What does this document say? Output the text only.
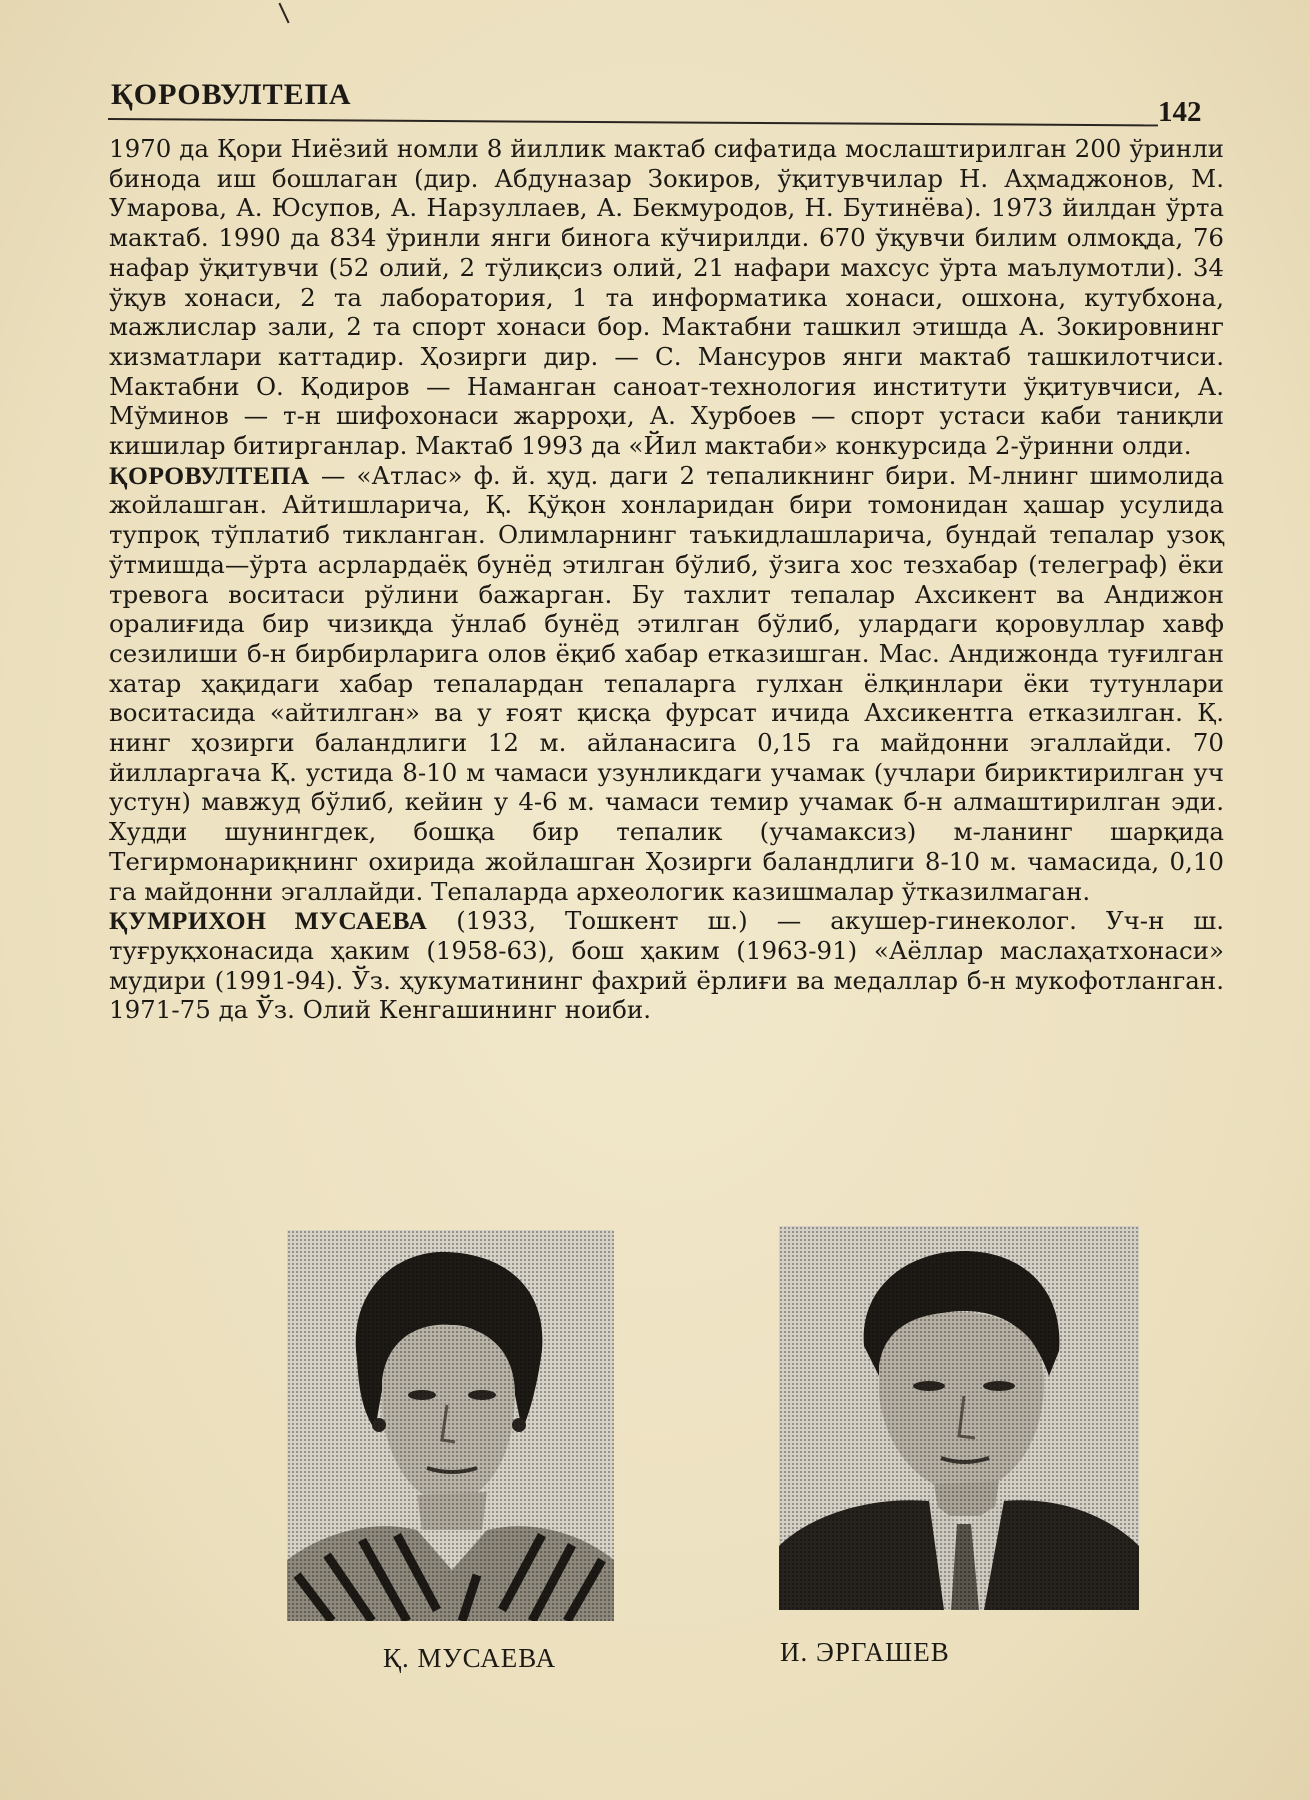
ҚОРОВУЛТЕПА
142

1970 да Қори Ниёзий номли 8 йиллик мактаб сифатида мослаштирилган 200 ўринли бинода иш бошлаган (дир. Абдуназар Зокиров, ўқитувчилар Н. Аҳмаджонов, М. Умарова, А. Юсупов, А. Нарзуллаев, А. Бекмуродов, Н. Бутинёва). 1973 йилдан ўрта мактаб. 1990 да 834 ўринли янги бинога кўчирилди. 670 ўқувчи билим олмоқда, 76 нафар ўқитувчи (52 олий, 2 тўлиқсиз олий, 21 нафари махсус ўрта маълумотли). 34 ўқув хонаси, 2 та лаборатория, 1 та информатика хонаси, ошхона, кутубхона, мажлислар зали, 2 та спорт хонаси бор. Мактабни ташкил этишда А. Зокировнинг хизматлари каттадир. Ҳозирги дир. — С. Мансуров янги мактаб ташкилотчиси. Мактабни О. Қодиров — Наманган саноат-технология институти ўқитувчиси, А. Мўминов — т-н шифохонаси жарроҳи, А. Хурбоев — спорт устаси каби таниқли кишилар битирганлар. Мактаб 1993 да «Йил мактаби» конкурсида 2-ўринни олди.

ҚОРОВУЛТЕПА — «Атлас» ф. й. ҳуд. даги 2 тепаликнинг бири. М-лнинг шимолида жойлашган. Айтишларича, Қ. Қўқон хонларидан бири томонидан ҳашар усулида тупроқ тўплатиб тикланган. Олимларнинг таъкидлашларича, бундай тепалар узоқ ўтмишда—ўрта асрлардаёқ бунёд этилган бўлиб, ўзига хос тезхабар (телеграф) ёки тревога воситаси рўлини бажарган. Бу тахлит тепалар Ахсикент ва Андижон оралиғида бир чизиқда ўнлаб бунёд этилган бўлиб, улардаги қоровуллар хавф сезилиши б-н бирбирларига олов ёқиб хабар етказишган. Мас. Андижонда туғилган хатар ҳақидаги хабар тепалардан тепаларга гулхан ёлқинлари ёки тутунлари воситасида «айтилган» ва у ғоят қисқа фурсат ичида Ахсикентга етказилган. Қ. нинг ҳозирги баландлиги 12 м. айланасига 0,15 га майдонни эгаллайди. 70 йилларгача Қ. устида 8-10 м чамаси узунликдаги учамак (учлари бириктирилган уч устун) мавжуд бўлиб, кейин у 4-6 м. чамаси темир учамак б-н алмаштирилган эди. Худди шунингдек, бошқа бир тепалик (учамаксиз) м-ланинг шарқида Тегирмонариқнинг охирида жойлашган Ҳозирги баландлиги 8-10 м. чамасида, 0,10 га майдонни эгаллайди. Тепаларда археологик казишмалар ўтказилмаган.

ҚУМРИХОН МУСАЕВА (1933, Тошкент ш.) — акушер-гинеколог. Уч-н ш. туғруқхонасида ҳаким (1958-63), бош ҳаким (1963-91) «Аёллар маслаҳатхонаси» мудири (1991-94). Ўз. ҳукуматининг фахрий ёрлиғи ва медаллар б-н мукофотланган. 1971-75 да Ўз. Олий Кенгашининг ноиби.

Қ. МУСАЕВА	И. ЭРГАШЕВ
